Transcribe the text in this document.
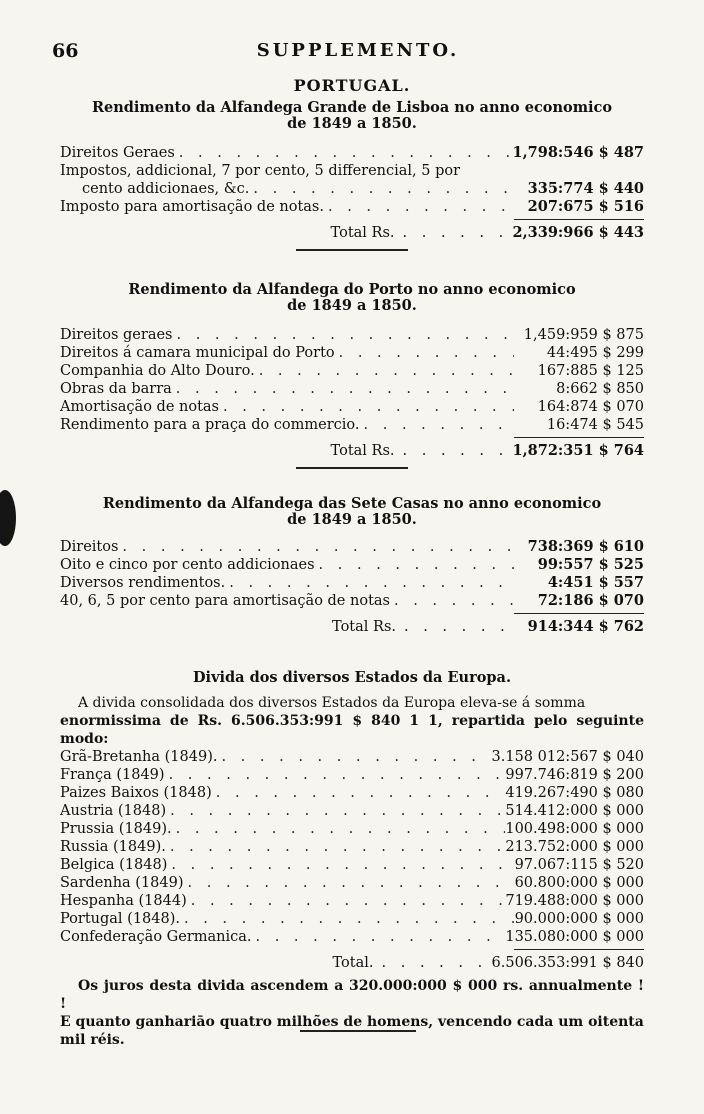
66	SUPPLEMENTO.
PORTUGAL.
Rendimento da Alfandega Grande de Lisboa no anno economico
de 1849 a 1850.
Direitos Geraes . . .	1,798:546 $ 487
Impostos, addicional, 7 por cento, 5 differencial, 5 por
cento addicionaes, &c. . . .	335:774 $ 440
Imposto para amortisação de notas. . . .	207:675 $ 516
Total Rs. . . .	2,339:966 $ 443
Rendimento da Alfandega do Porto no anno economico
de 1849 a 1850.
Direitos geraes . . .	1,459:959 $ 875
Direitos á camara municipal do Porto . . .	44:495 $ 299
Companhia do Alto Douro. . . .	167:885 $ 125
Obras da barra . . .	8:662 $ 850
Amortisação de notas . . .	164:874 $ 070
Rendimento para a praça do commercio. . . .	16:474 $ 545
Total Rs. . . .	1,872:351 $ 764
Rendimento da Alfandega das Sete Casas no anno economico
de 1849 a 1850.
Direitos . . .	738:369 $ 610
Oito e cinco por cento addicionaes . . .	99:557 $ 525
Diversos rendimentos. . . .	4:451 $ 557
40, 6, 5 por cento para amortisação de notas . . .	72:186 $ 070
Total Rs. . . .	914:344 $ 762
Divida dos diversos Estados da Europa.
A divida consolidada dos diversos Estados da Europa eleva-se á somma
enormissima de Rs. 6.506.353:991 $ 840 1 1, repartida pelo seguinte modo:
Grã-Bretanha (1849). . . .	3.158 012:567 $ 040
França (1849) . . .	997.746:819 $ 200
Paizes Baixos (1848) . . .	419.267:490 $ 080
Austria (1848) . . .	514.412:000 $ 000
Prussia (1849). . . .	100.498:000 $ 000
Russia (1849). . . .	213.752:000 $ 000
Belgica (1848) . . .	97.067:115 $ 520
Sardenha (1849) . . .	60.800:000 $ 000
Hespanha (1844) . . .	719.488:000 $ 000
Portugal (1848). . . .	90.000:000 $ 000
Confederação Germanica. . . .	135.080:000 $ 000
Total. . . .	6.506.353:991 $ 840
Os juros desta divida ascendem a 320.000:000 $ 000 rs. annualmente ! !
E quanto ganhariāo quatro milhões de homens, vencendo cada um oitenta
mil réis.
